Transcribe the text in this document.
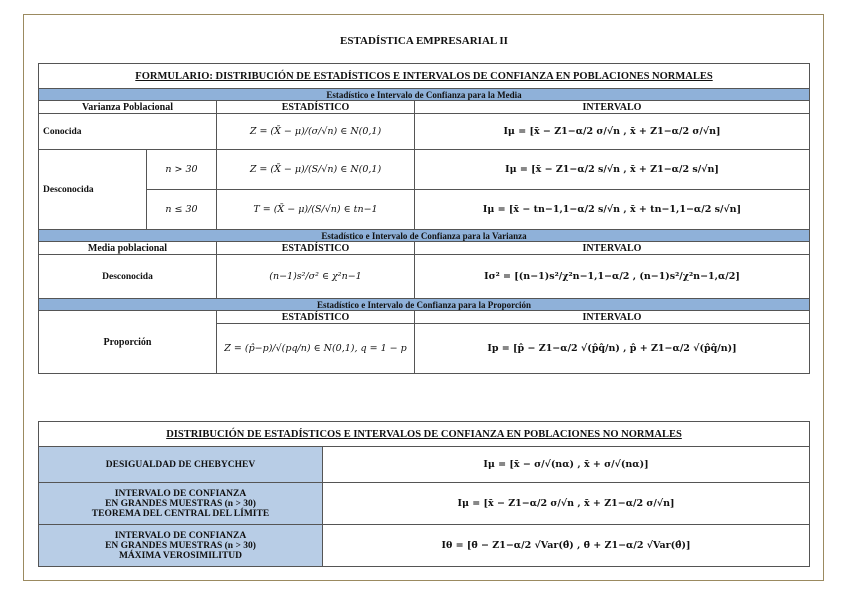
ESTADÍSTICA EMPRESARIAL II
FORMULARIO: DISTRIBUCIÓN DE ESTADÍSTICOS E INTERVALOS DE CONFIANZA EN POBLACIONES NORMALES			
Estadístico e Intervalo de Confianza para la Media			
Varianza Poblacional		ESTADÍSTICO	INTERVALO
Conocida		Z = (X̄ − μ)/(σ/√n) ∈ N(0,1)	Iμ = [x̄ − Z1−α/2 σ/√n , x̄ + Z1−α/2 σ/√n]
Desconocida	n > 30	Z = (X̄ − μ)/(S/√n) ∈ N(0,1)	Iμ = [x̄ − Z1−α/2 s/√n , x̄ + Z1−α/2 s/√n]
	n ≤ 30	T = (X̄ − μ)/(S/√n) ∈ tn−1	Iμ = [x̄ − tn−1,1−α/2 s/√n , x̄ + tn−1,1−α/2 s/√n]
Estadístico e Intervalo de Confianza para la Varianza			
Media poblacional		ESTADÍSTICO	INTERVALO
Desconocida		(n−1)s²/σ² ∈ χ²n−1	Iσ² = [(n−1)s²/χ²n−1,1−α/2 , (n−1)s²/χ²n−1,α/2]
Estadístico e Intervalo de Confianza para la Proporción			
Proporción		ESTADÍSTICO	INTERVALO
		Z = (p̂−p)/√(pq/n) ∈ N(0,1), q = 1 − p	Ip = [p̂ − Z1−α/2 √(p̂q̂/n) , p̂ + Z1−α/2 √(p̂q̂/n)]
DISTRIBUCIÓN DE ESTADÍSTICOS E INTERVALOS DE CONFIANZA EN POBLACIONES NO NORMALES	
DESIGUALDAD DE CHEBYCHEV	Iμ = [x̄ − σ/√(nα) , x̄ + σ/√(nα)]

INTERVALO DE CONFIANZA
EN GRANDES MUESTRAS (n > 30)
TEOREMA DEL CENTRAL DEL LÍMITE	Iμ = [x̄ − Z1−α/2 σ/√n , x̄ + Z1−α/2 σ/√n]

INTERVALO DE CONFIANZA
EN GRANDES MUESTRAS (n > 30)
MÁXIMA VEROSIMILITUD	Iθ = [θ̄ − Z1−α/2 √Var(θ̂) , θ̄ + Z1−α/2 √Var(θ̂)]
